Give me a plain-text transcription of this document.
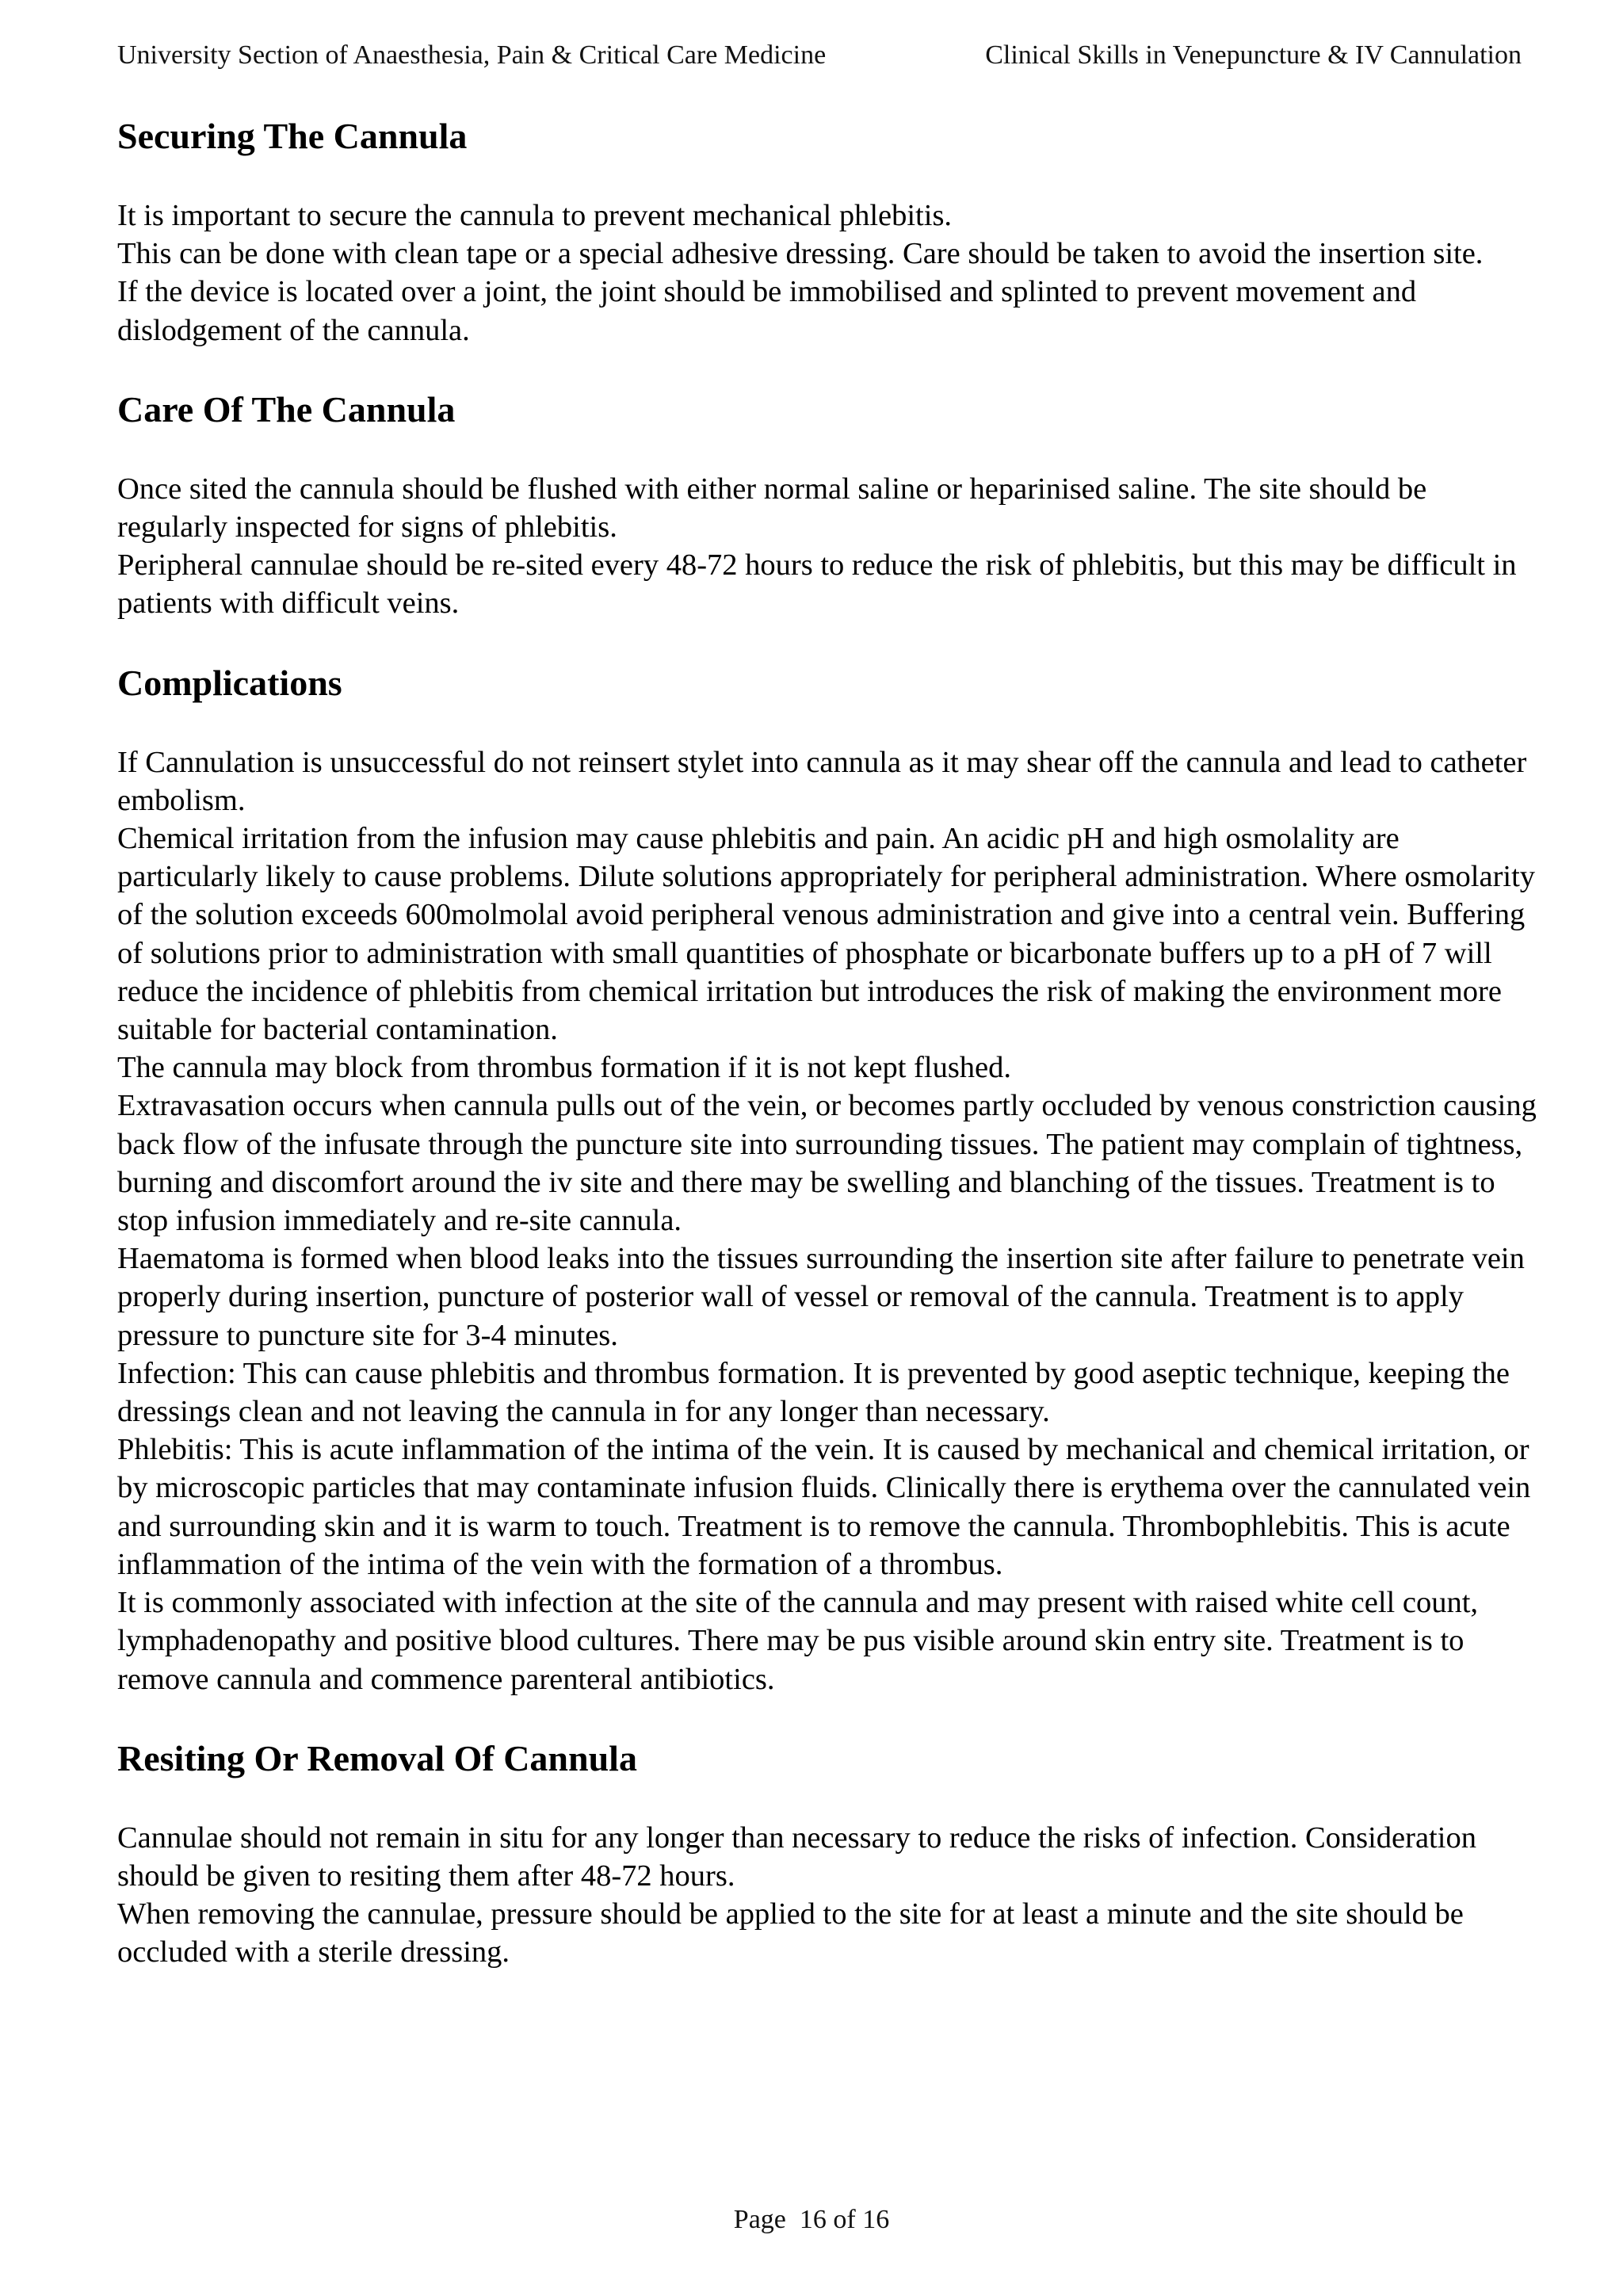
University Section of Anaesthesia, Pain & Critical Care Medicine	Clinical Skills in Venepuncture & IV Cannulation
Securing The Cannula

It is important to secure the cannula to prevent mechanical phlebitis.

This can be done with clean tape or a special adhesive dressing. Care should be taken to avoid the insertion site.

If the device is located over a joint, the joint should be immobilised and splinted to prevent movement and dislodgement of the cannula.

Care Of The Cannula

Once sited the cannula should be flushed with either normal saline or heparinised saline. The site should be regularly inspected for signs of phlebitis.

Peripheral cannulae should be re-sited every 48-72 hours to reduce the risk of phlebitis, but this may be difficult in patients with difficult veins.

Complications

If Cannulation is unsuccessful do not reinsert stylet into cannula as it may shear off the cannula and lead to catheter embolism.

Chemical irritation from the infusion may cause phlebitis and pain. An acidic pH and high osmolality are particularly likely to cause problems. Dilute solutions appropriately for peripheral administration. Where osmolarity of the solution exceeds 600molmolal avoid peripheral venous administration and give into a central vein. Buffering of solutions prior to administration with small quantities of phosphate or bicarbonate buffers up to a pH of 7 will reduce the incidence of phlebitis from chemical irritation but introduces the risk of making the environment more suitable for bacterial contamination.

The cannula may block from thrombus formation if it is not kept flushed.

Extravasation occurs when cannula pulls out of the vein, or becomes partly occluded by venous constriction causing back flow of the infusate through the puncture site into surrounding tissues. The patient may complain of tightness, burning and discomfort around the iv site and there may be swelling and blanching of the tissues. Treatment is to stop infusion immediately and re-site cannula.

Haematoma is formed when blood leaks into the tissues surrounding the insertion site after failure to penetrate vein properly during insertion, puncture of posterior wall of vessel or removal of the cannula. Treatment is to apply pressure to puncture site for 3-4 minutes.

Infection: This can cause phlebitis and thrombus formation. It is prevented by good aseptic technique, keeping the dressings clean and not leaving the cannula in for any longer than necessary.

Phlebitis: This is acute inflammation of the intima of the vein. It is caused by mechanical and chemical irritation, or by microscopic particles that may contaminate infusion fluids. Clinically there is erythema over the cannulated vein and surrounding skin and it is warm to touch. Treatment is to remove the cannula. Thrombophlebitis. This is acute inflammation of the intima of the vein with the formation of a thrombus.

It is commonly associated with infection at the site of the cannula and may present with raised white cell count, lymphadenopathy and positive blood cultures. There may be pus visible around skin entry site. Treatment is to remove cannula and commence parenteral antibiotics.

Resiting Or Removal Of Cannula

Cannulae should not remain in situ for any longer than necessary to reduce the risks of infection. Consideration should be given to resiting them after 48-72 hours.

When removing the cannulae, pressure should be applied to the site for at least a minute and the site should be occluded with a sterile dressing.

Page  16 of 16
